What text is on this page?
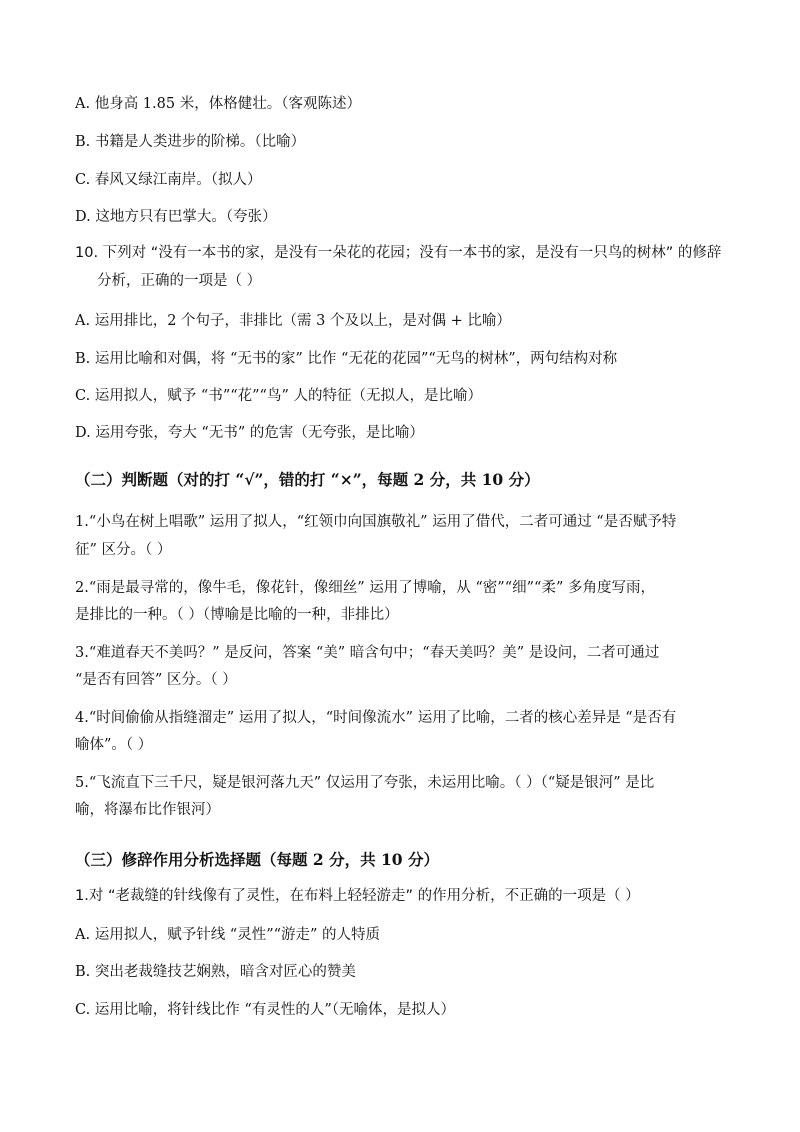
A. 他身高 1.85 米，体格健壮。（客观陈述）
B. 书籍是人类进步的阶梯。（比喻）
C. 春风又绿江南岸。（拟人）
D. 这地方只有巴掌大。（夸张）
10. 下列对 “没有一本书的家，是没有一朵花的花园；没有一本书的家，是没有一只鸟的树林” 的修辞
分析，正确的一项是（ ）
A. 运用排比，2 个句子，非排比（需 3 个及以上，是对偶 + 比喻）
B. 运用比喻和对偶，将 “无书的家” 比作 “无花的花园”“无鸟的树林”，两句结构对称
C. 运用拟人，赋予 “书”“花”“鸟” 人的特征（无拟人，是比喻）
D. 运用夸张，夸大 “无书” 的危害（无夸张，是比喻）
（二）判断题（对的打 “√”，错的打 “×”，每题 2 分，共 10 分）
1.“小鸟在树上唱歌” 运用了拟人，“红领巾向国旗敬礼” 运用了借代，二者可通过 “是否赋予特
征” 区分。（ ）
2.“雨是最寻常的，像牛毛，像花针，像细丝” 运用了博喻，从 “密”“细”“柔” 多角度写雨，
是排比的一种。（ ）（博喻是比喻的一种，非排比）
3.“难道春天不美吗？” 是反问，答案 “美” 暗含句中；“春天美吗？美” 是设问，二者可通过
“是否有回答” 区分。（ ）
4.“时间偷偷从指缝溜走” 运用了拟人，“时间像流水” 运用了比喻，二者的核心差异是 “是否有
喻体”。（ ）
5.“飞流直下三千尺，疑是银河落九天” 仅运用了夸张，未运用比喻。（ ）（“疑是银河” 是比
喻，将瀑布比作银河）
（三）修辞作用分析选择题（每题 2 分，共 10 分）
1.对 “老裁缝的针线像有了灵性，在布料上轻轻游走” 的作用分析，不正确的一项是（ ）
A. 运用拟人，赋予针线 “灵性”“游走” 的人特质
B. 突出老裁缝技艺娴熟，暗含对匠心的赞美
C. 运用比喻，将针线比作 “有灵性的人”（无喻体，是拟人）
